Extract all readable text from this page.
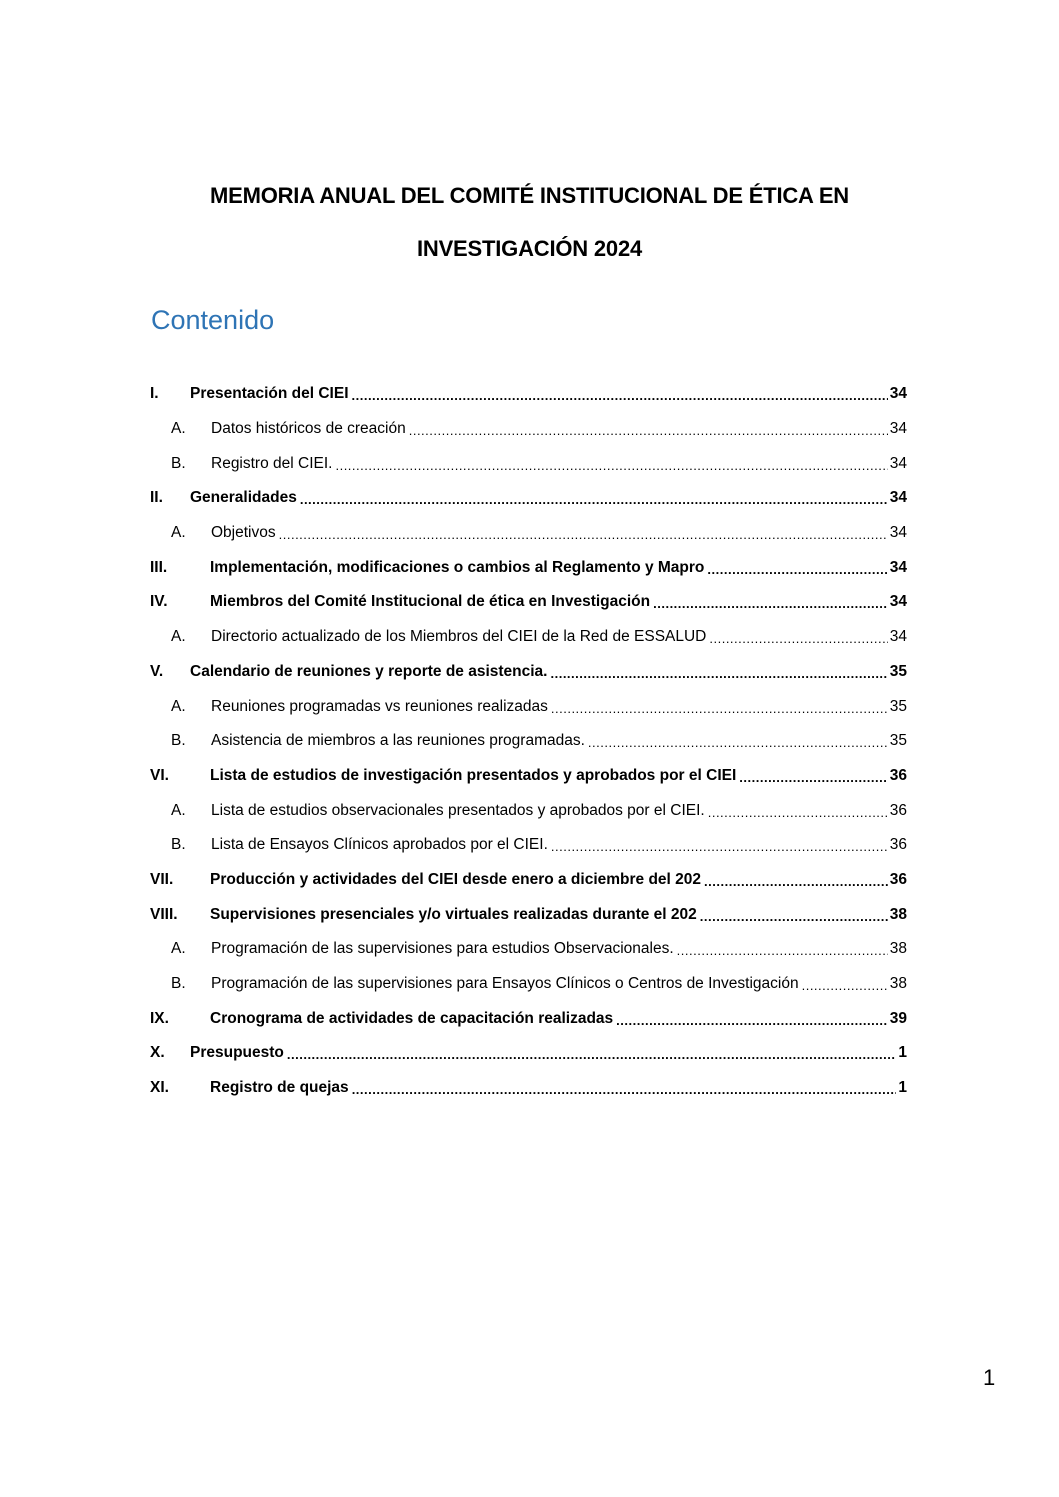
MEMORIA ANUAL DEL COMITÉ INSTITUCIONAL DE ÉTICA EN
INVESTIGACIÓN 2024
Contenido
I.	Presentación del CIEI .....	34
A.	Datos históricos de creación .....	34
B.	Registro del CIEI. .....	34
II.	Generalidades .....	34
A.	Objetivos .....	34
III.	Implementación, modificaciones o cambios al Reglamento y Mapro .....	34
IV.	Miembros del Comité Institucional de ética en Investigación .....	34
A.	Directorio actualizado de los Miembros del CIEI de la Red de ESSALUD .....	34
V.	Calendario de reuniones y reporte de asistencia. .....	35
A.	Reuniones programadas vs reuniones realizadas .....	35
B.	Asistencia de miembros a las reuniones programadas. .....	35
VI.	Lista de estudios de investigación presentados y aprobados por el CIEI .....	36
A.	Lista de estudios observacionales presentados y aprobados por el CIEI. .....	36
B.	Lista de Ensayos Clínicos aprobados por el CIEI. .....	36
VII.	Producción y actividades del CIEI desde enero a diciembre del 202 .....	36
VIII.	Supervisiones presenciales y/o virtuales realizadas durante el 202 .....	38
A.	Programación de las supervisiones para estudios Observacionales. .....	38
B.	Programación de las supervisiones para Ensayos Clínicos o Centros de Investigación .....	38
IX.	Cronograma de actividades de capacitación realizadas .....	39
X.	Presupuesto .....	1
XI.	Registro de quejas .....	1
1
